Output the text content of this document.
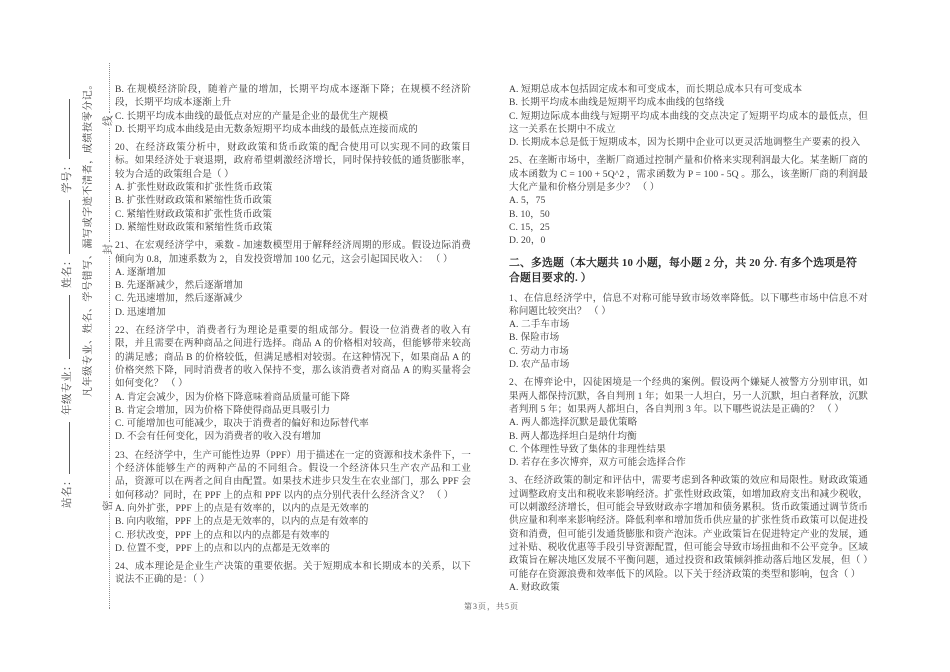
站名：年级专业：姓名：学号：	凡年级专业、姓名、学号错写、漏写或字迹不清者，成绩按零分记。
密
封
线

B. 在规模经济阶段，随着产量的增加，长期平均成本逐渐下降；在规模不经济阶段，长期平均成本逐渐上升

C. 长期平均成本曲线的最低点对应的产量是企业的最优生产规模

D. 长期平均成本曲线是由无数条短期平均成本曲线的最低点连接而成的

20、在经济政策分析中，财政政策和货币政策的配合使用可以实现不同的政策目标。如果经济处于衰退期，政府希望刺激经济增长，同时保持较低的通货膨胀率，较为合适的政策组合是（ ）

A. 扩张性财政政策和扩张性货币政策

B. 扩张性财政政策和紧缩性货币政策

C. 紧缩性财政政策和扩张性货币政策

D. 紧缩性财政政策和紧缩性货币政策

21、在宏观经济学中，乘数 - 加速数模型用于解释经济周期的形成。假设边际消费倾向为 0.8，加速系数为 2，自发投资增加 100 亿元，这会引起国民收入： （ ）

A. 逐渐增加

B. 先逐渐减少，然后逐渐增加

C. 先迅速增加，然后逐渐减少

D. 迅速增加

22、在经济学中，消费者行为理论是重要的组成部分。假设一位消费者的收入有限，并且需要在两种商品之间进行选择。商品 A 的价格相对较高，但能够带来较高的满足感；商品 B 的价格较低，但满足感相对较弱。在这种情况下，如果商品 A 的价格突然下降，同时消费者的收入保持不变，那么该消费者对商品 A 的购买量将会如何变化？ （ ）

A. 肯定会减少，因为价格下降意味着商品质量可能下降

B. 肯定会增加，因为价格下降使得商品更具吸引力

C. 可能增加也可能减少，取决于消费者的偏好和边际替代率

D. 不会有任何变化，因为消费者的收入没有增加

23、在经济学中，生产可能性边界（PPF）用于描述在一定的资源和技术条件下，一个经济体能够生产的两种产品的不同组合。假设一个经济体只生产农产品和工业品，资源可以在两者之间自由配置。如果技术进步只发生在农业部门，那么 PPF 会如何移动？同时，在 PPF 上的点和 PPF 以内的点分别代表什么经济含义？ （ ）

A. 向外扩张，PPF 上的点是有效率的，以内的点是无效率的

B. 向内收缩，PPF 上的点是无效率的，以内的点是有效率的

C. 形状改变，PPF 上的点和以内的点都是有效率的

D. 位置不变，PPF 上的点和以内的点都是无效率的

24、成本理论是企业生产决策的重要依据。关于短期成本和长期成本的关系，以下说法不正确的是：（ ）

A. 短期总成本包括固定成本和可变成本，而长期总成本只有可变成本

B. 长期平均成本曲线是短期平均成本曲线的包络线

C. 短期边际成本曲线与短期平均成本曲线的交点决定了短期平均成本的最低点，但这一关系在长期中不成立

D. 长期成本总是低于短期成本，因为长期中企业可以更灵活地调整生产要素的投入

25、在垄断市场中，垄断厂商通过控制产量和价格来实现利润最大化。某垄断厂商的成本函数为 C = 100 + 5Q^2 ，需求函数为 P = 100 - 5Q 。那么，该垄断厂商的利润最大化产量和价格分别是多少？ （ ）

A. 5，75

B. 10，50

C. 15，25

D. 20，0

二、多选题（本大题共 10 小题，每小题 2 分，共 20 分. 有多个选项是符合题目要求的. ）

1、在信息经济学中，信息不对称可能导致市场效率降低。以下哪些市场中信息不对称问题比较突出？ （ ）

A. 二手车市场

B. 保险市场

C. 劳动力市场

D. 农产品市场

2、在博弈论中，囚徒困境是一个经典的案例。假设两个嫌疑人被警方分别审讯，如果两人都保持沉默，各自判刑 1 年；如果一人坦白，另一人沉默，坦白者释放，沉默者判刑 5 年；如果两人都坦白，各自判刑 3 年。以下哪些说法是正确的？ （ ）

A. 两人都选择沉默是最优策略

B. 两人都选择坦白是纳什均衡

C. 个体理性导致了集体的非理性结果

D. 若存在多次博弈，双方可能会选择合作

3、在经济政策的制定和评估中，需要考虑到各种政策的效应和局限性。财政政策通过调整政府支出和税收来影响经济。扩张性财政政策，如增加政府支出和减少税收，可以刺激经济增长，但可能会导致财政赤字增加和债务累积。货币政策通过调节货币供应量和利率来影响经济。降低利率和增加货币供应量的扩张性货币政策可以促进投资和消费，但可能引发通货膨胀和资产泡沫。产业政策旨在促进特定产业的发展，通过补贴、税收优惠等手段引导资源配置，但可能会导致市场扭曲和不公平竞争。区域政策旨在解决地区发展不平衡问题，通过投资和政策倾斜推动落后地区发展，但（ ）可能存在资源浪费和效率低下的风险。以下关于经济政策的类型和影响，包含（ ）

A. 财政政策

第3页，共5页
